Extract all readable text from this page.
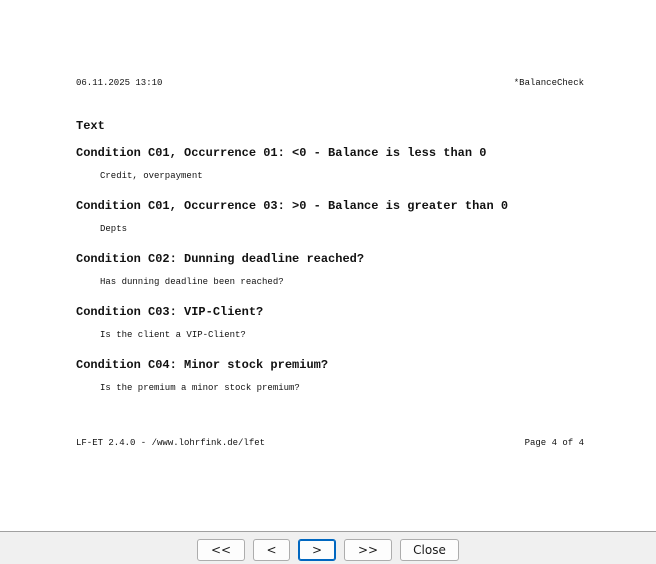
06.11.2025 13:10	*BalanceCheck
Text
Condition C01, Occurrence 01: <0 - Balance is less than 0
Credit, overpayment
Condition C01, Occurrence 03: >0 - Balance is greater than 0
Depts
Condition C02: Dunning deadline reached?
Has dunning deadline been reached?
Condition C03: VIP-Client?
Is the client a VIP-Client?
Condition C04: Minor stock premium?
Is the premium a minor stock premium?
LF-ET 2.4.0 - /www.lohrfink.de/lfet	Page 4 of 4
<<	<	>	>>	Close
